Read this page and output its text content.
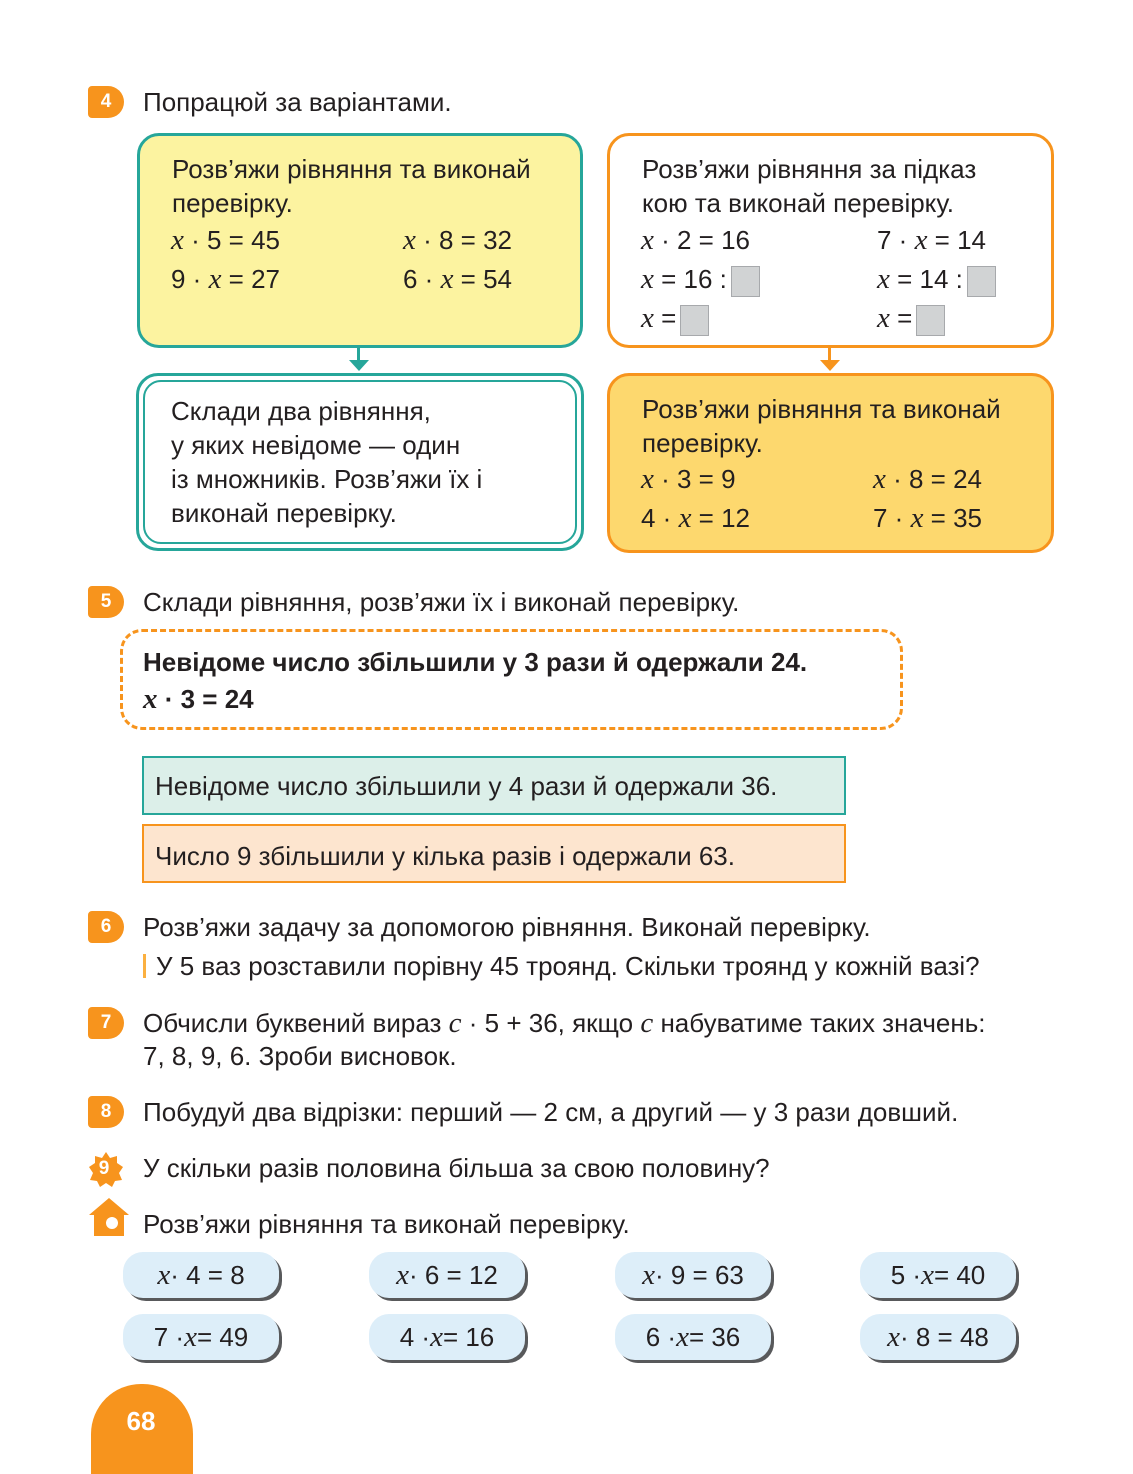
4	Попрацюй за варіантами.
Розв’яжи рівняння та виконай
перевірку.
x · 5 = 45	x · 8 = 32
9 · x = 27	6 · x = 54
Розв’яжи рівняння за підказ
кою та виконай перевірку.
x · 2 = 16	7 · x = 14
x = 16 :	x = 14 :
x =	x =
Склади два рівняння,
у яких невідоме — один
із множників. Розв’яжи їх і
виконай перевірку.
Розв’яжи рівняння та виконай
перевірку.
x · 3 = 9	x · 8 = 24
4 · x = 12	7 · x = 35
5	Склади рівняння, розв’яжи їх і виконай перевірку.
Невідоме число збільшили у 3 рази й одержали 24.
x · 3 = 24
Невідоме число збільшили у 4 рази й одержали 36.
Число 9 збільшили у кілька разів і одержали 63.
6	Розв’яжи задачу за допомогою рівняння. Виконай перевірку.
У 5 ваз розставили порівну 45 троянд. Скільки троянд у кожній вазі?
7	Обчисли буквений вираз c · 5 + 36, якщо c набуватиме таких значень:
7, 8, 9, 6. Зроби висновок.
8	Побудуй два відрізки: перший — 2 см, а другий — у 3 рази довший.
9	У скільки разів половина більша за свою половину?
Розв’яжи рівняння та виконай перевірку.
x · 4 = 8	x · 6 = 12	x · 9 = 63	5 · x = 40
7 · x = 49	4 · x = 16	6 · x = 36	x · 8 = 48
68
